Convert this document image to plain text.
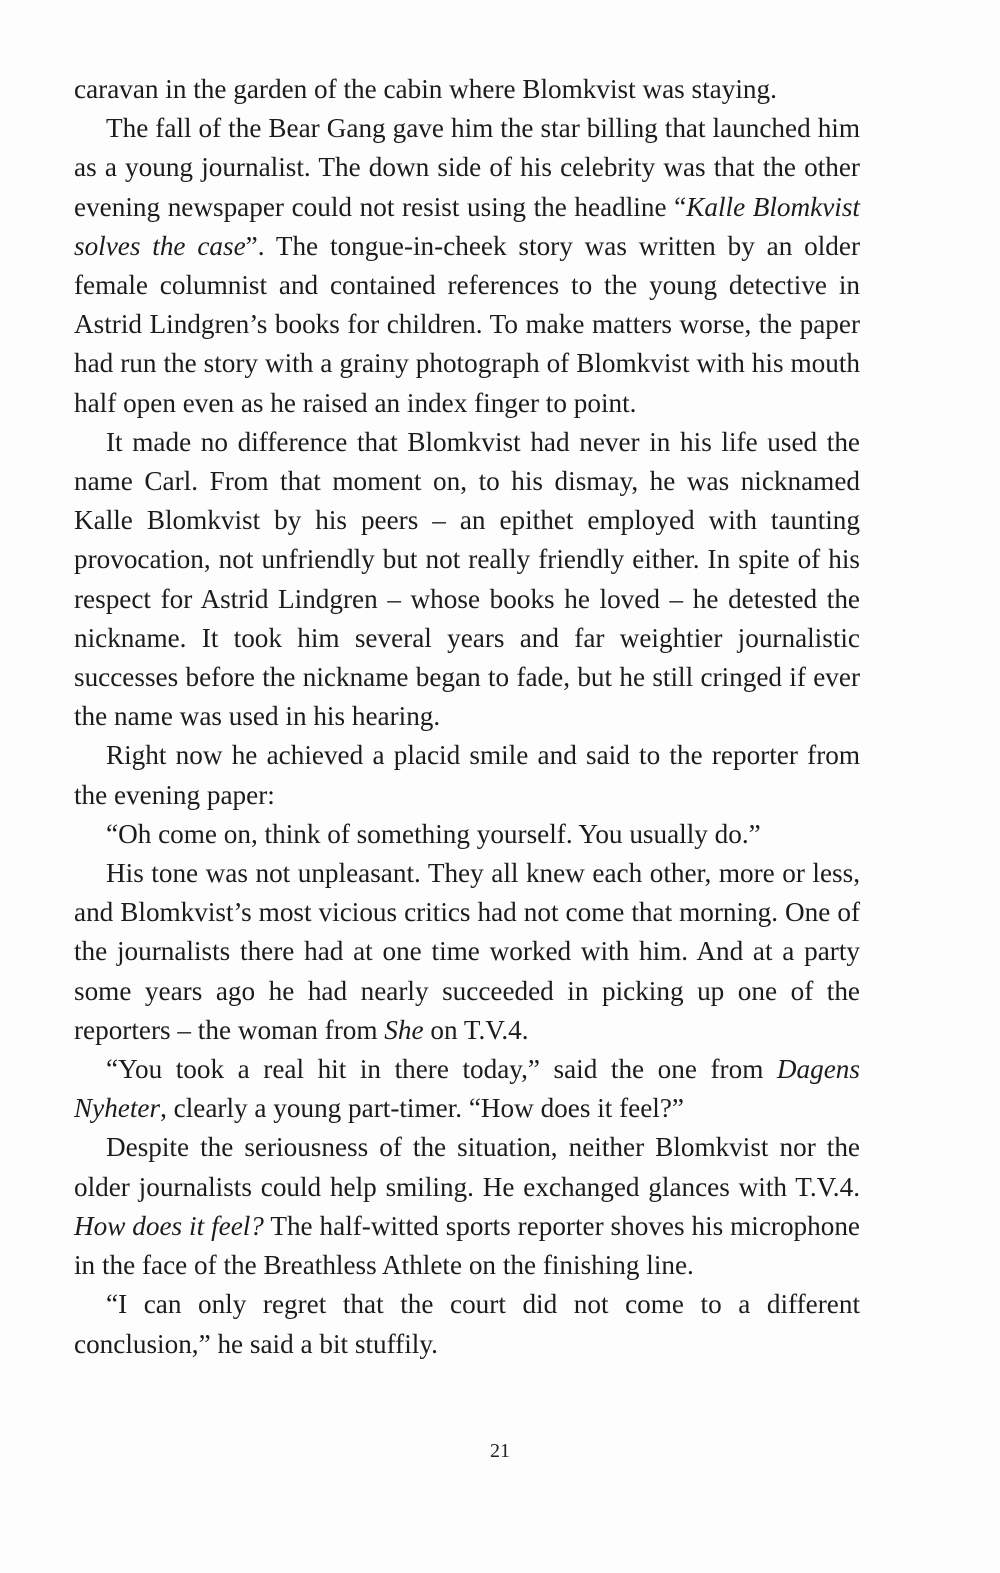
caravan in the garden of the cabin where Blomkvist was staying.

The fall of the Bear Gang gave him the star billing that launched him as a young journalist. The down side of his celebrity was that the other evening newspaper could not resist using the headline “Kalle Blomkvist solves the case”. The tongue-in-cheek story was written by an older female columnist and contained references to the young detective in Astrid Lindgren’s books for children. To make matters worse, the paper had run the story with a grainy photograph of Blomkvist with his mouth half open even as he raised an index finger to point.

It made no difference that Blomkvist had never in his life used the name Carl. From that moment on, to his dismay, he was nicknamed Kalle Blomkvist by his peers – an epithet employed with taunting provocation, not unfriendly but not really friendly either. In spite of his respect for Astrid Lindgren – whose books he loved – he detested the nickname. It took him several years and far weightier journalistic successes before the nickname began to fade, but he still cringed if ever the name was used in his hearing.

Right now he achieved a placid smile and said to the reporter from the evening paper:

“Oh come on, think of something yourself. You usually do.”

His tone was not unpleasant. They all knew each other, more or less, and Blomkvist’s most vicious critics had not come that morning. One of the journalists there had at one time worked with him. And at a party some years ago he had nearly succeeded in picking up one of the reporters – the woman from She on T.V.4.

“You took a real hit in there today,” said the one from Dagens Nyheter, clearly a young part-timer. “How does it feel?”

Despite the seriousness of the situation, neither Blomkvist nor the older journalists could help smiling. He exchanged glances with T.V.4. How does it feel? The half-witted sports reporter shoves his microphone in the face of the Breathless Athlete on the finishing line.

“I can only regret that the court did not come to a different conclusion,” he said a bit stuffily.

21
